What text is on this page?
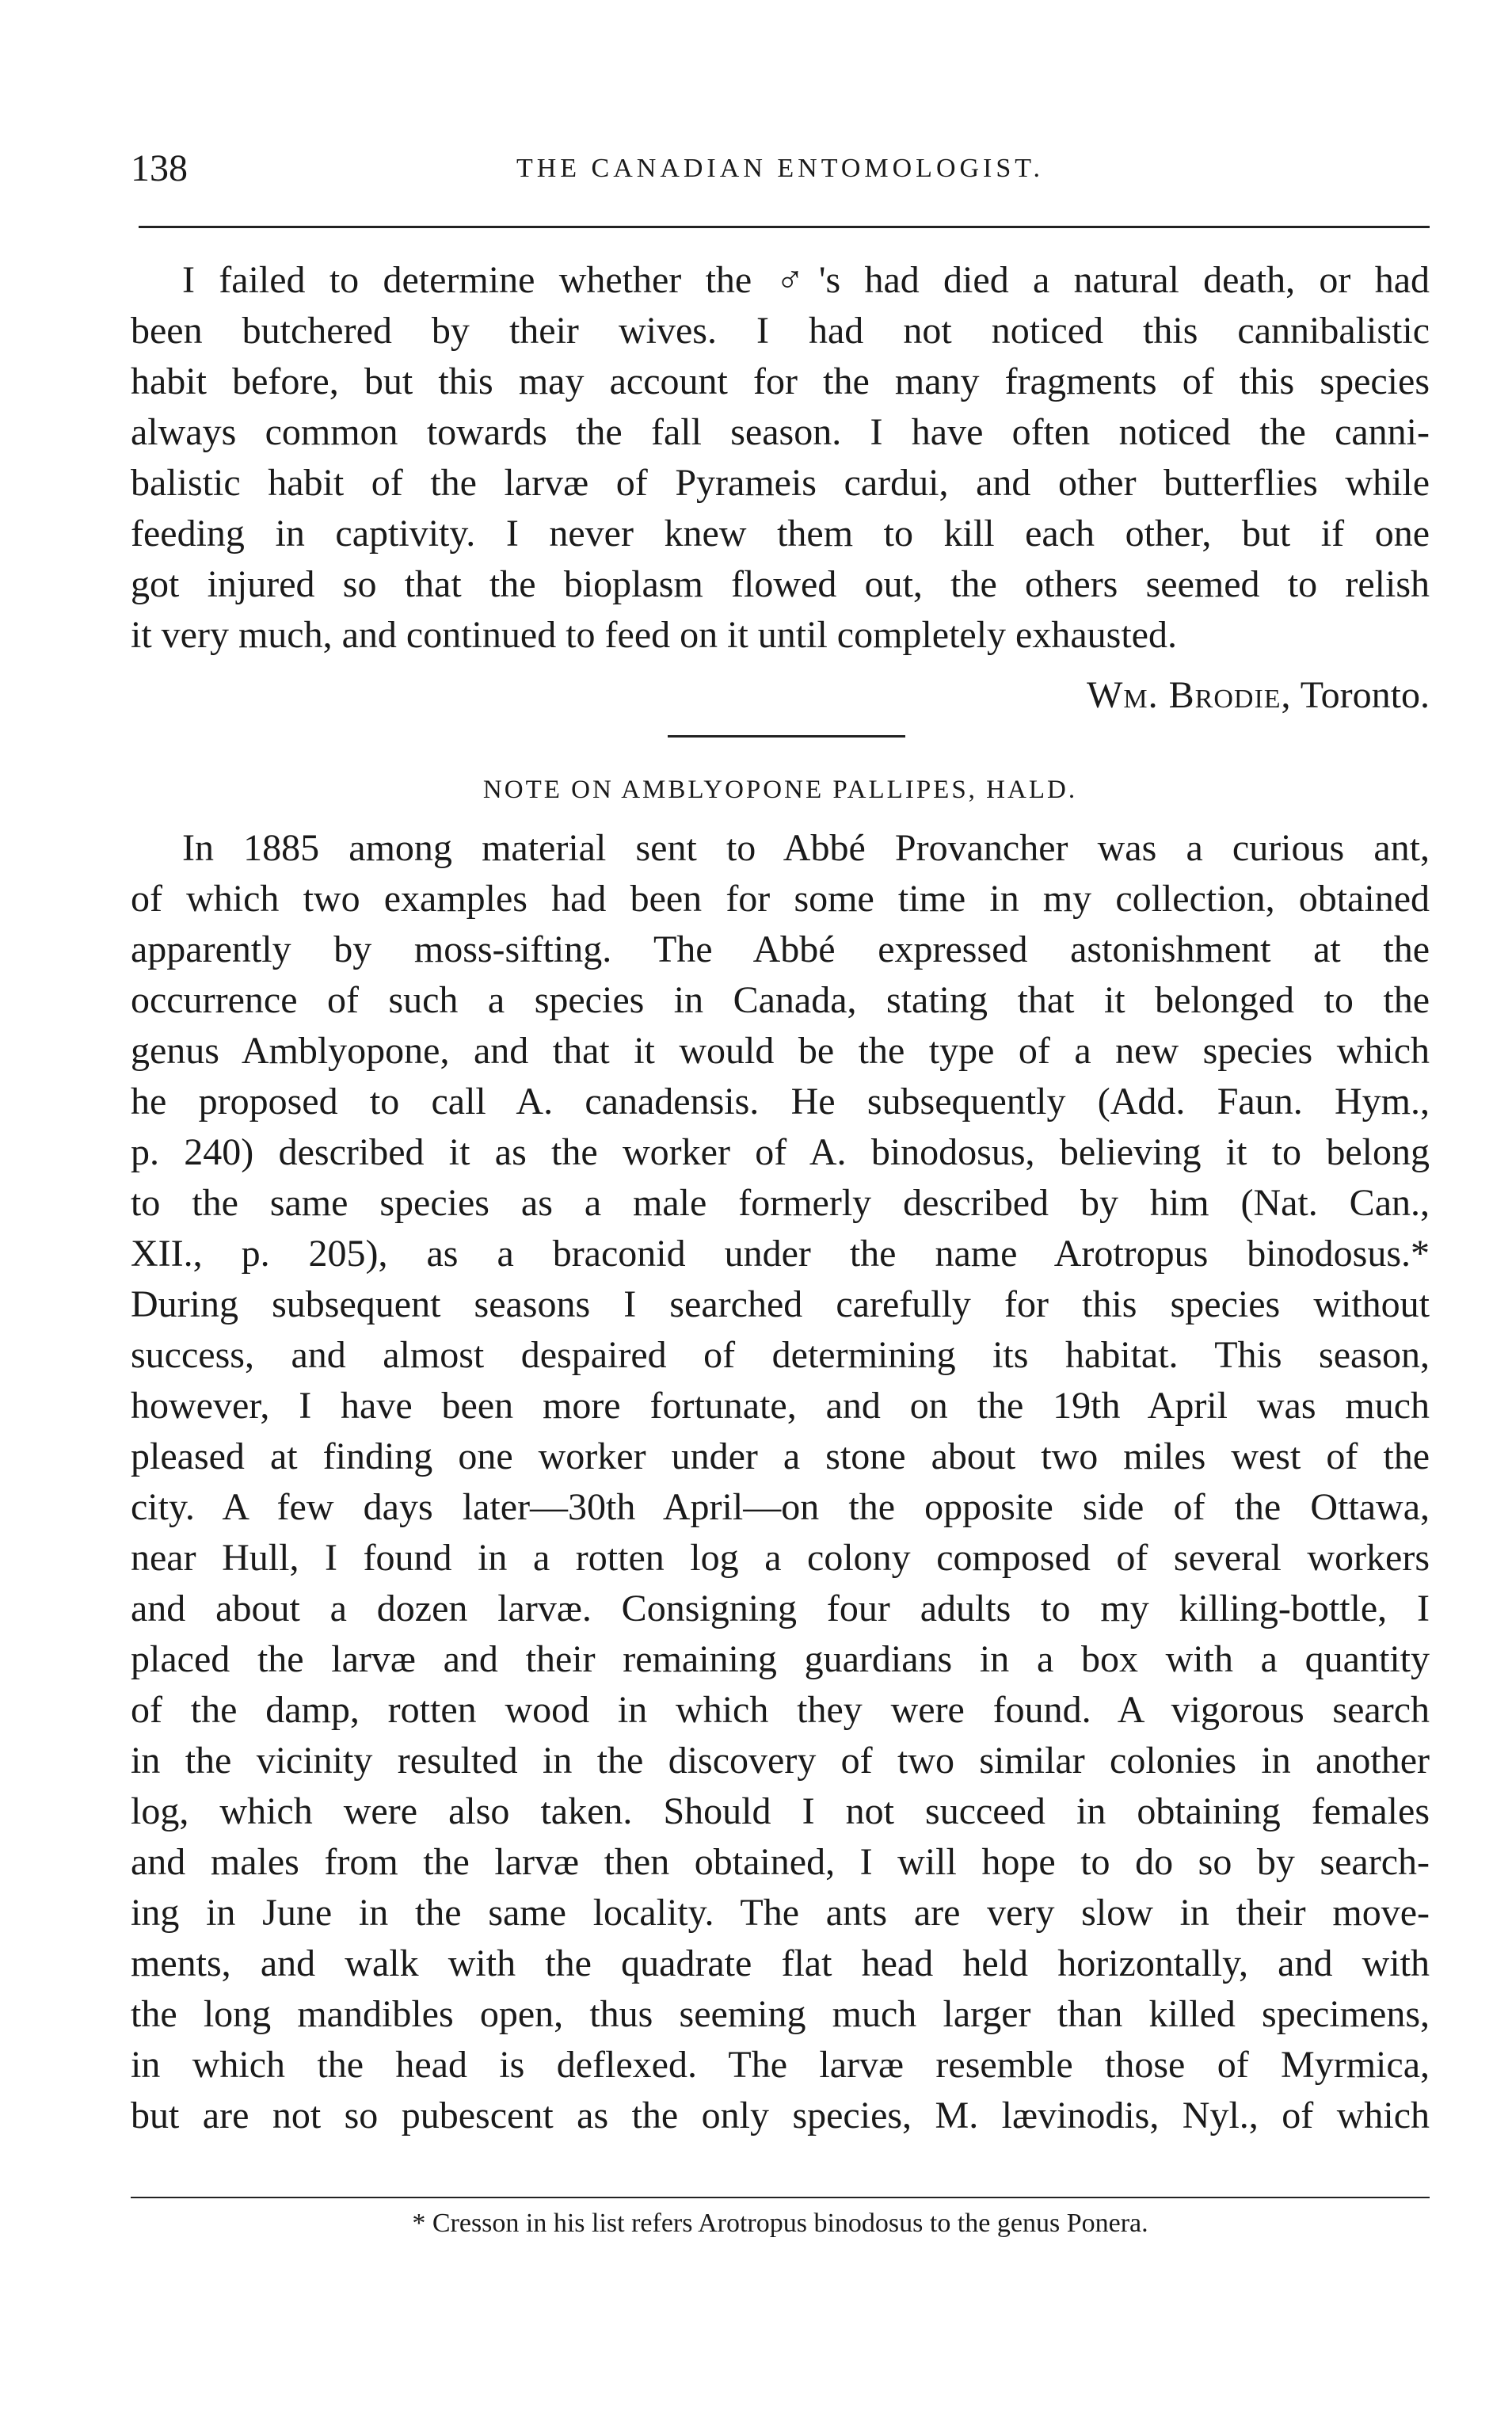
138	THE CANADIAN ENTOMOLOGIST.
I failed to determine whether the ♂'s had died a natural death, or had
been butchered by their wives. I had not noticed this cannibalistic
habit before, but this may account for the many fragments of this species
always common towards the fall season. I have often noticed the canni-
balistic habit of the larvæ of Pyrameis cardui, and other butterflies while
feeding in captivity. I never knew them to kill each other, but if one
got injured so that the bioplasm flowed out, the others seemed to relish
it very much, and continued to feed on it until completely exhausted.
Wm. Brodie, Toronto.
NOTE ON AMBLYOPONE PALLIPES, HALD.
In 1885 among material sent to Abbé Provancher was a curious ant,
of which two examples had been for some time in my collection, obtained
apparently by moss-sifting. The Abbé expressed astonishment at the
occurrence of such a species in Canada, stating that it belonged to the
genus Amblyopone, and that it would be the type of a new species which
he proposed to call A. canadensis. He subsequently (Add. Faun. Hym.,
p. 240) described it as the worker of A. binodosus, believing it to belong
to the same species as a male formerly described by him (Nat. Can.,
XII., p. 205), as a braconid under the name Arotropus binodosus.*
During subsequent seasons I searched carefully for this species without
success, and almost despaired of determining its habitat. This season,
however, I have been more fortunate, and on the 19th April was much
pleased at finding one worker under a stone about two miles west of the
city. A few days later—30th April—on the opposite side of the Ottawa,
near Hull, I found in a rotten log a colony composed of several workers
and about a dozen larvæ. Consigning four adults to my killing-bottle, I
placed the larvæ and their remaining guardians in a box with a quantity
of the damp, rotten wood in which they were found. A vigorous search
in the vicinity resulted in the discovery of two similar colonies in another
log, which were also taken. Should I not succeed in obtaining females
and males from the larvæ then obtained, I will hope to do so by search-
ing in June in the same locality. The ants are very slow in their move-
ments, and walk with the quadrate flat head held horizontally, and with
the long mandibles open, thus seeming much larger than killed specimens,
in which the head is deflexed. The larvæ resemble those of Myrmica,
but are not so pubescent as the only species, M. lævinodis, Nyl., of which
* Cresson in his list refers Arotropus binodosus to the genus Ponera.
